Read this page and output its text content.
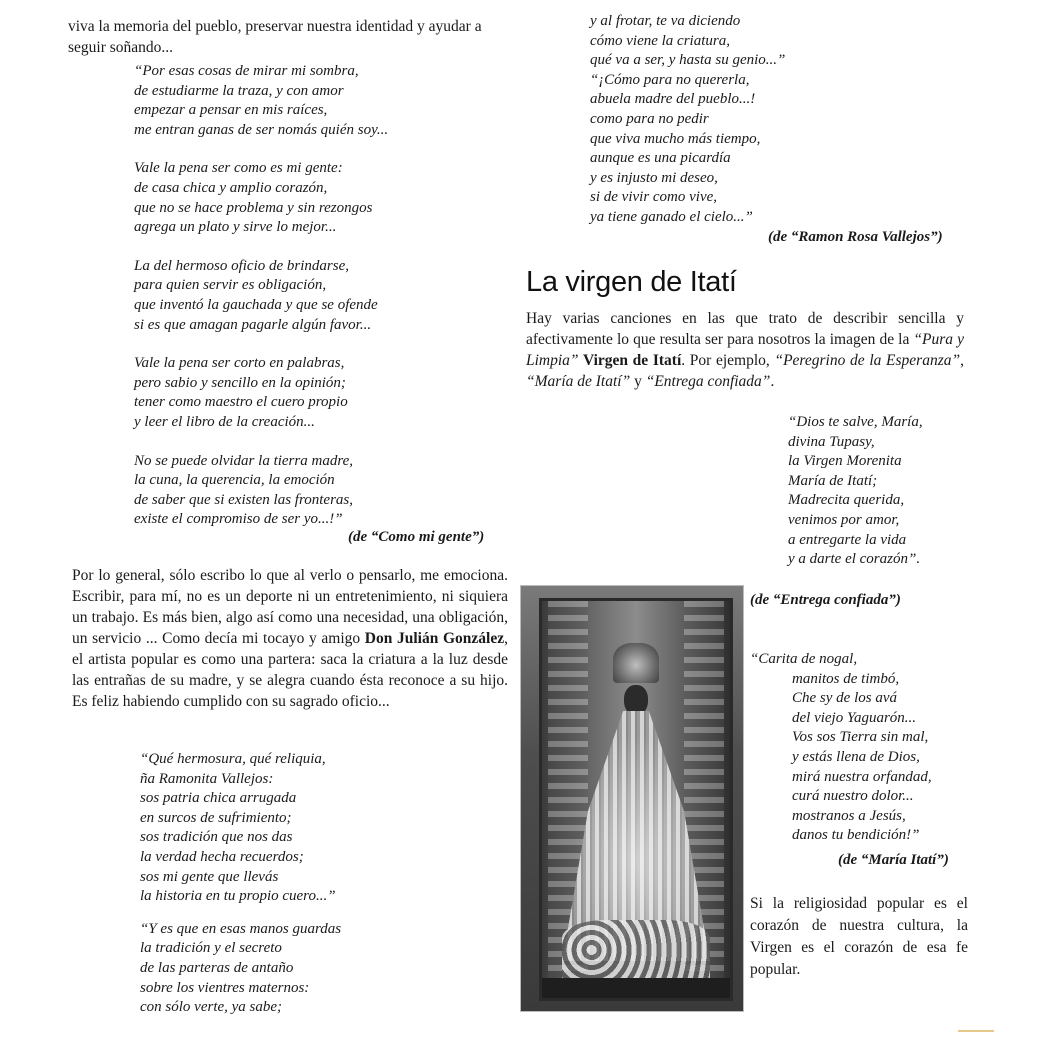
viva la memoria del pueblo, preservar nuestra identidad y ayudar a
seguir soñando...
“Por esas cosas de mirar mi sombra,
de estudiarme la traza, y con amor
empezar a pensar en mis raíces,
me entran ganas de ser nomás quién soy...
Vale la pena ser como es mi gente:
de casa chica y amplio corazón,
que no se hace problema y sin rezongos
agrega un plato y sirve lo mejor...
La del hermoso oficio de brindarse,
para quien servir es obligación,
que inventó la gauchada y que se ofende
si es que amagan pagarle algún favor...
Vale la pena ser corto en palabras,
pero sabio y sencillo en la opinión;
tener como maestro el cuero propio
y leer el libro de la creación...
No se puede olvidar la tierra madre,
la cuna, la querencia, la emoción
de saber que si existen las fronteras,
existe el compromiso de ser yo...!”
(de “Como mi gente”)

Por lo general, sólo escribo lo que al verlo o pensarlo, me emociona. Escribir, para mí, no es un deporte ni un entretenimiento, ni siquiera un trabajo. Es más bien, algo así como una necesidad, una obligación, un servicio ... Como decía mi tocayo y amigo Don Julián González, el artista popular es como una partera: saca la criatura a la luz desde las entrañas de su madre, y se alegra cuando ésta reconoce a su hijo. Es feliz habiendo cumplido con su sagrado oficio...

“Qué hermosura, qué reliquia,
ña Ramonita Vallejos:
sos patria chica arrugada
en surcos de sufrimiento;
sos tradición que nos das
la verdad hecha recuerdos;
sos mi gente que llevás
la historia en tu propio cuero...”
“Y es que en esas manos guardas
la tradición y el secreto
de las parteras de antaño
sobre los vientres maternos:
con sólo verte, ya sabe;
y al frotar, te va diciendo
cómo viene la criatura,
qué va a ser, y hasta su genio...”
“¡Cómo para no quererla,
abuela madre del pueblo...!
como para no pedir
que viva mucho más tiempo,
aunque es una picardía
y es injusto mi deseo,
si de vivir como vive,
ya tiene ganado el cielo...”
(de “Ramon Rosa Vallejos”)
La virgen de Itatí

Hay varias canciones en las que trato de describir sencilla y afectivamente lo que resulta ser para nosotros la imagen de la “Pura y Limpia” Virgen de Itatí. Por ejemplo, “Peregrino de la Esperanza”, “María de Itatí” y “Entrega confiada”.

“Dios te salve, María,
divina Tupasy,
la Virgen Morenita
María de Itatí;
Madrecita querida,
venimos por amor,
a entregarte la vida
y a darte el corazón”.
(de “Entrega confiada”)
“Carita de nogal,
manitos de timbó,
Che sy de los avá
del viejo Yaguarón...
Vos sos Tierra sin mal,
y estás llena de Dios,
mirá nuestra orfandad,
curá nuestro dolor...
mostranos a Jesús,
danos tu bendición!”
(de “María Itatí”)
Si la religiosidad popular es el
corazón de nuestra cultura, la
Virgen es el corazón de esa fe
popular.
